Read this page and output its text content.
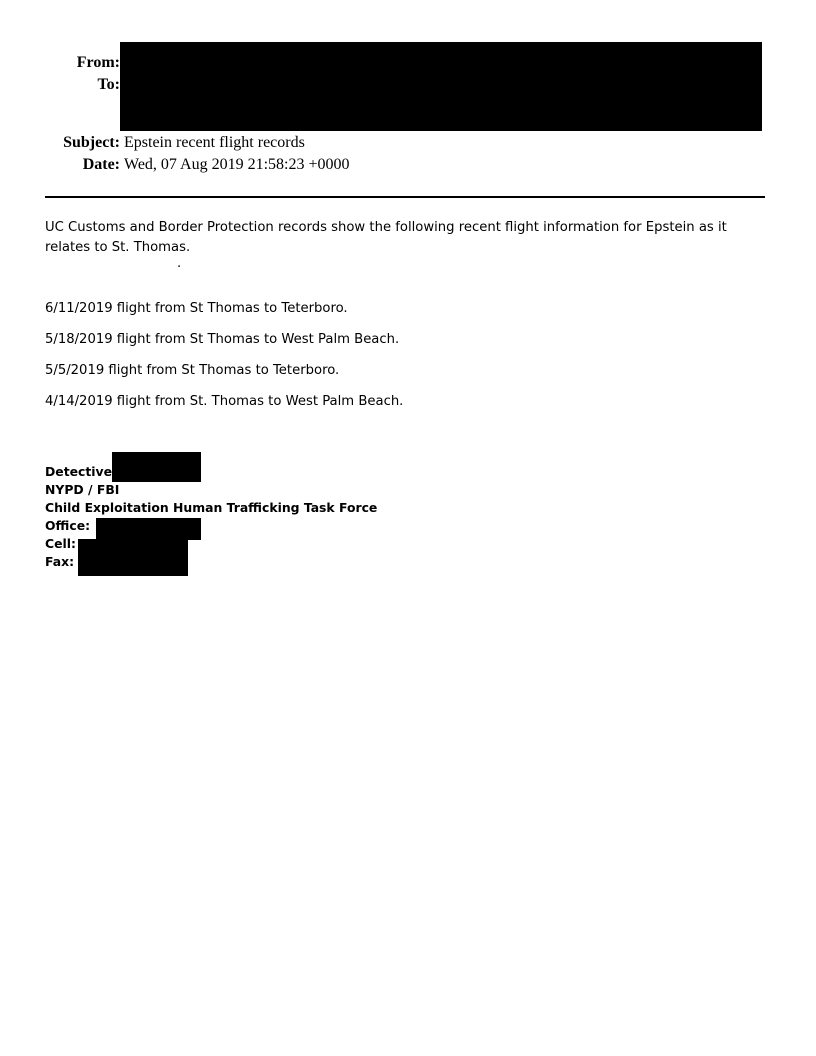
From:
To:
Subject: Epstein recent flight records
Date: Wed, 07 Aug 2019 21:58:23 +0000
UC Customs and Border Protection records show the following recent flight information for Epstein as it relates to St. Thomas.
.
6/11/2019 flight from St Thomas to Teterboro.
5/18/2019 flight from St Thomas to West Palm Beach.
5/5/2019 flight from St Thomas to Teterboro.
4/14/2019 flight from St. Thomas to West Palm Beach.
Detective
NYPD / FBI
Child Exploitation Human Trafficking Task Force
Office:
Cell:
Fax:
